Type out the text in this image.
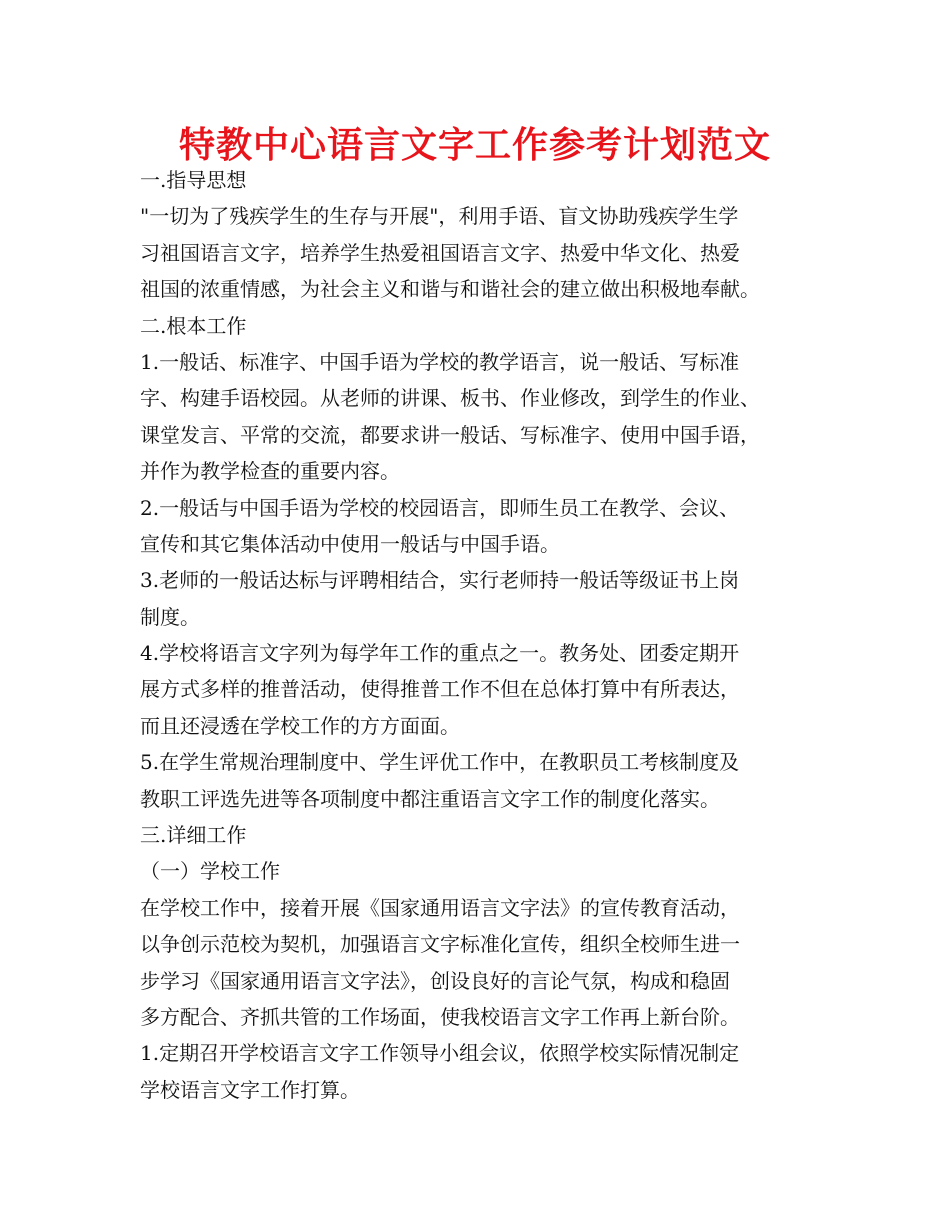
特教中心语言文字工作参考计划范文
一.指导思想
"一切为了残疾学生的生存与开展"，利用手语、盲文协助残疾学生学
习祖国语言文字，培养学生热爱祖国语言文字、热爱中华文化、热爱
祖国的浓重情感，为社会主义和谐与和谐社会的建立做出积极地奉献。
二.根本工作
1.一般话、标准字、中国手语为学校的教学语言，说一般话、写标准
字、构建手语校园。从老师的讲课、板书、作业修改，到学生的作业、
课堂发言、平常的交流，都要求讲一般话、写标准字、使用中国手语，
并作为教学检查的重要内容。
2.一般话与中国手语为学校的校园语言，即师生员工在教学、会议、
宣传和其它集体活动中使用一般话与中国手语。
3.老师的一般话达标与评聘相结合，实行老师持一般话等级证书上岗
制度。
4.学校将语言文字列为每学年工作的重点之一。教务处、团委定期开
展方式多样的推普活动，使得推普工作不但在总体打算中有所表达，
而且还浸透在学校工作的方方面面。
5.在学生常规治理制度中、学生评优工作中，在教职员工考核制度及
教职工评选先进等各项制度中都注重语言文字工作的制度化落实。
三.详细工作
（一）学校工作
在学校工作中，接着开展《国家通用语言文字法》的宣传教育活动，
以争创示范校为契机，加强语言文字标准化宣传，组织全校师生进一
步学习《国家通用语言文字法》，创设良好的言论气氛，构成和稳固
多方配合、齐抓共管的工作场面，使我校语言文字工作再上新台阶。
1.定期召开学校语言文字工作领导小组会议，依照学校实际情况制定
学校语言文字工作打算。
